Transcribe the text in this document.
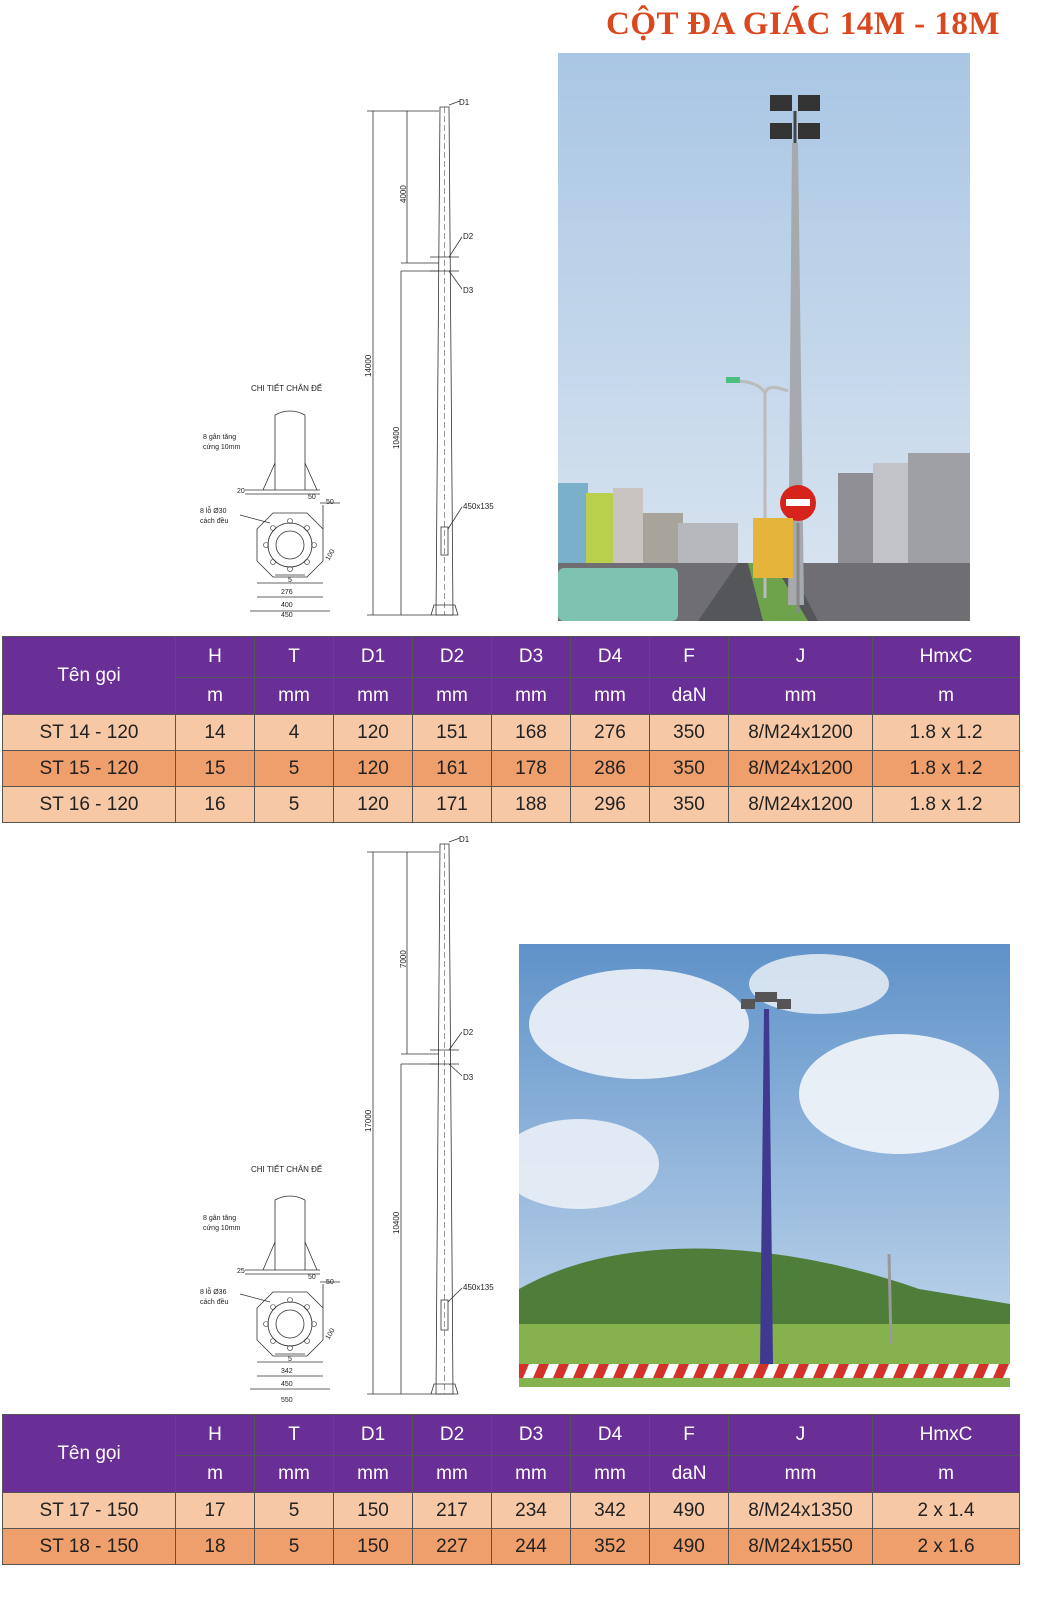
CỘT ĐA GIÁC 14M - 18M
D1
D2
D3
450x135
14000
4000
10400
CHI TIẾT CHÂN ĐẾ
8 gân tăng
cứng 10mm
20
8 lỗ Ø30
cách đều
50
50
100
5
276
400
450
Tên gọi	H	T	D1	D2	D3	D4	F	J	HmxC
	m	mm	mm	mm	mm	mm	daN	mm	m
ST 14 - 120	14	4	120	151	168	276	350	8/M24x1200	1.8 x 1.2
ST 15 - 120	15	5	120	161	178	286	350	8/M24x1200	1.8 x 1.2
ST 16 - 120	16	5	120	171	188	296	350	8/M24x1200	1.8 x 1.2
D1
D2
D3
450x135
17000
7000
10400
CHI TIẾT CHÂN ĐẾ
8 gân tăng
cứng 10mm
25
8 lỗ Ø36
cách đều
50
50
100
5
342
450
550
Tên gọi	H	T	D1	D2	D3	D4	F	J	HmxC
	m	mm	mm	mm	mm	mm	daN	mm	m
ST 17 - 150	17	5	150	217	234	342	490	8/M24x1350	2 x 1.4
ST 18 - 150	18	5	150	227	244	352	490	8/M24x1550	2 x 1.6
